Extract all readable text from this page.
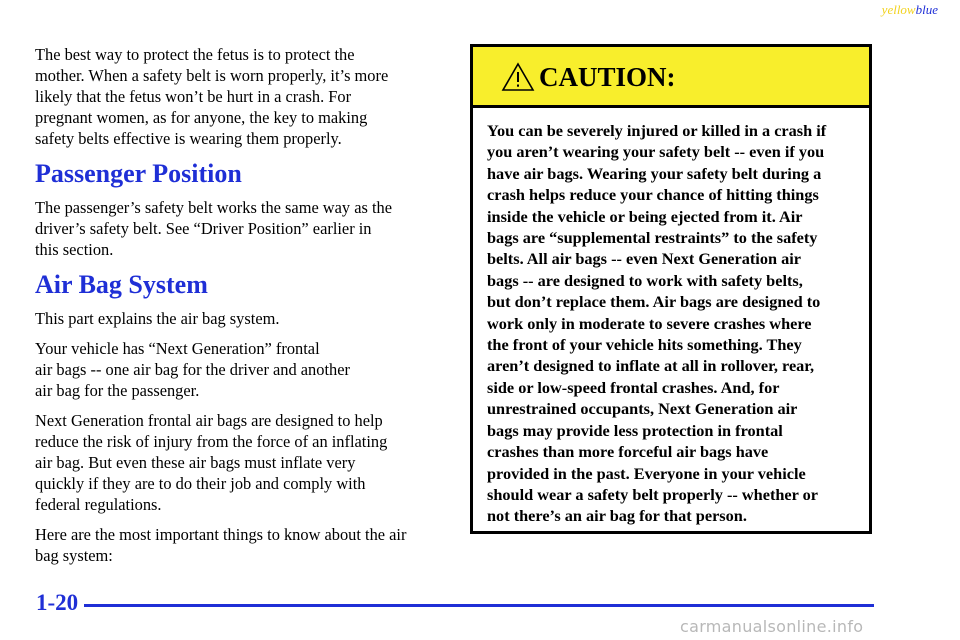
yellowblue

The best way to protect the fetus is to protect the
mother. When a safety belt is worn properly, it’s more
likely that the fetus won’t be hurt in a crash. For
pregnant women, as for anyone, the key to making
safety belts effective is wearing them properly.

Passenger Position

The passenger’s safety belt works the same way as the
driver’s safety belt. See “Driver Position” earlier in
this section.

Air Bag System

This part explains the air bag system.

Your vehicle has “Next Generation” frontal
air bags -- one air bag for the driver and another
air bag for the passenger.

Next Generation frontal air bags are designed to help
reduce the risk of injury from the force of an inflating
air bag. But even these air bags must inflate very
quickly if they are to do their job and comply with
federal regulations.

Here are the most important things to know about the air
bag system:

CAUTION:
You can be severely injured or killed in a crash if
you aren’t wearing your safety belt -- even if you
have air bags. Wearing your safety belt during a
crash helps reduce your chance of hitting things
inside the vehicle or being ejected from it. Air
bags are “supplemental restraints” to the safety
belts. All air bags -- even Next Generation air
bags -- are designed to work with safety belts,
but don’t replace them. Air bags are designed to
work only in moderate to severe crashes where
the front of your vehicle hits something. They
aren’t designed to inflate at all in rollover, rear,
side or low-speed frontal crashes. And, for
unrestrained occupants, Next Generation air
bags may provide less protection in frontal
crashes than more forceful air bags have
provided in the past. Everyone in your vehicle
should wear a safety belt properly -- whether or
not there’s an air bag for that person.
1-20
carmanualsonline.info
